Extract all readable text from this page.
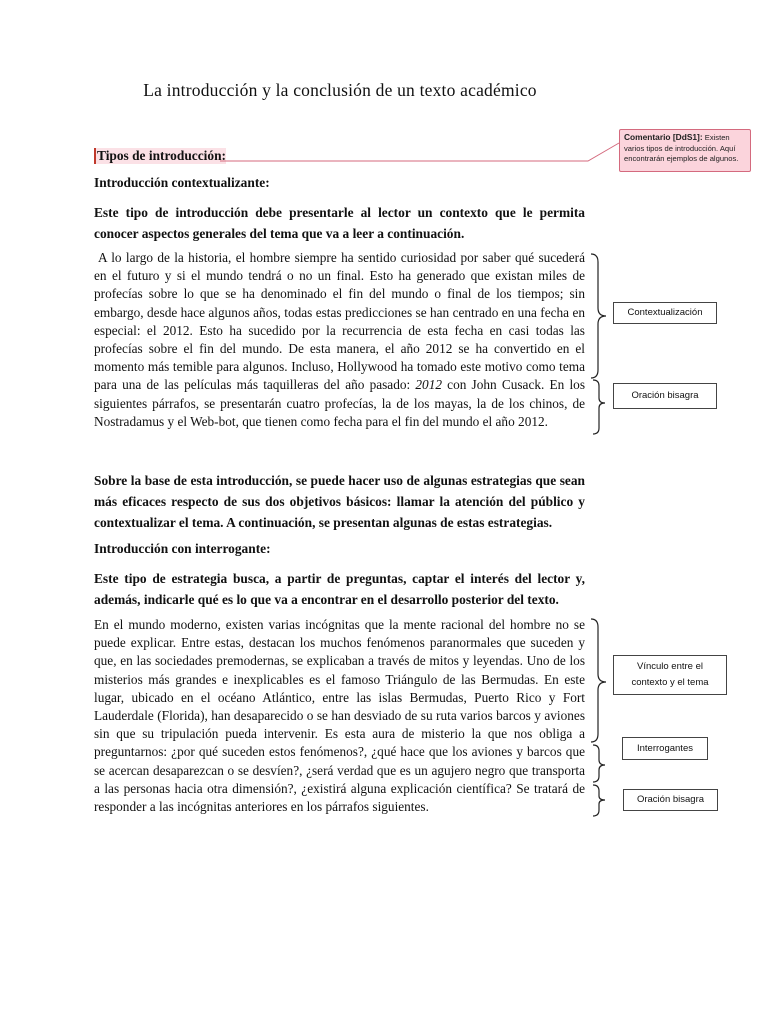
La introducción y la conclusión de un texto académico
Tipos de introducción:
Introducción contextualizante:
Este tipo de introducción debe presentarle al lector un contexto que le permita conocer aspectos generales del tema que va a leer a continuación.
A lo largo de la historia, el hombre siempre ha sentido curiosidad por saber qué sucederá en el futuro y si el mundo tendrá o no un final. Esto ha generado que existan miles de profecías sobre lo que se ha denominado el fin del mundo o final de los tiempos; sin embargo, desde hace algunos años, todas estas predicciones se han centrado en una fecha en especial: el 2012. Esto ha sucedido por la recurrencia de esta fecha en casi todas las profecías sobre el fin del mundo. De esta manera, el año 2012 se ha convertido en el momento más temible para algunos. Incluso, Hollywood ha tomado este motivo como tema para una de las películas más taquilleras del año pasado: 2012 con John Cusack. En los siguientes párrafos, se presentarán cuatro profecías, la de los mayas, la de los chinos, de Nostradamus y el Web-bot, que tienen como fecha para el fin del mundo el año 2012.
Sobre la base de esta introducción, se puede hacer uso de algunas estrategias que sean más eficaces respecto de sus dos objetivos básicos: llamar la atención del público y contextualizar el tema. A continuación, se presentan algunas de estas estrategias.
Introducción con interrogante:
Este tipo de estrategia busca, a partir de preguntas, captar el interés del lector y, además, indicarle qué es lo que va a encontrar en el desarrollo posterior del texto.
En el mundo moderno, existen varias incógnitas que la mente racional del hombre no se puede explicar. Entre estas, destacan los muchos fenómenos paranormales que suceden y que, en las sociedades premodernas, se explicaban a través de mitos y leyendas. Uno de los misterios más grandes e inexplicables es el famoso Triángulo de las Bermudas. En este lugar, ubicado en el océano Atlántico, entre las islas Bermudas, Puerto Rico y Fort Lauderdale (Florida), han desaparecido o se han desviado de su ruta varios barcos y aviones sin que su tripulación pueda intervenir. Es esta aura de misterio la que nos obliga a preguntarnos: ¿por qué suceden estos fenómenos?, ¿qué hace que los aviones y barcos que se acercan desaparezcan o se desvíen?, ¿será verdad que es un agujero negro que transporta a las personas hacia otra dimensión?, ¿existirá alguna explicación científica? Se tratará de responder a las incógnitas anteriores en los párrafos siguientes.
Comentario [DdS1]: Existen varios tipos de introducción. Aquí encontrarán ejemplos de algunos.
Contextualización
Oración bisagra
Vínculo entre el contexto y el tema
Interrogantes
Oración bisagra
